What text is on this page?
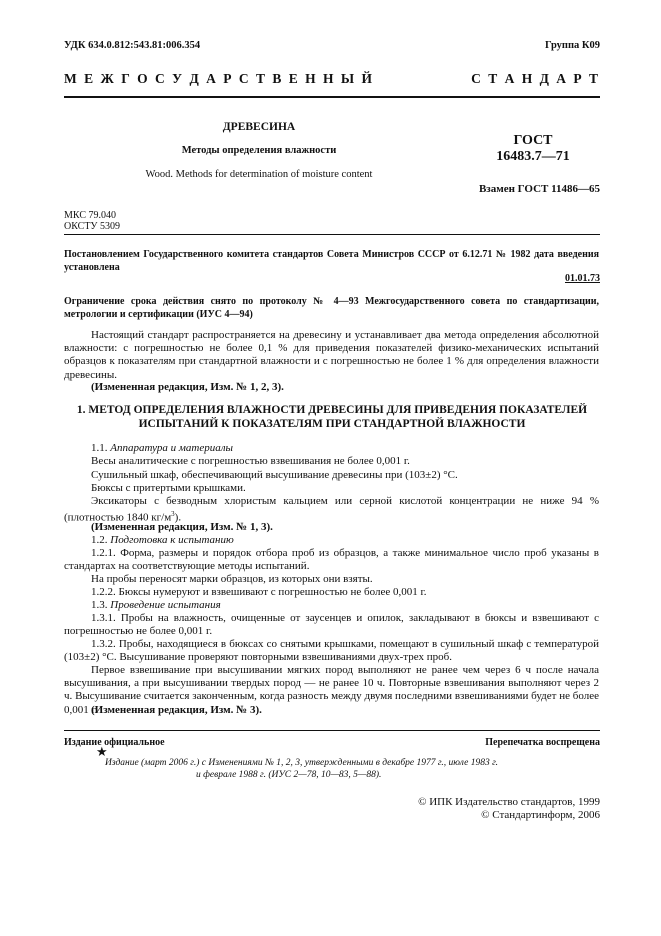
УДК 634.0.812:543.81:006.354	Группа К09
М Е Ж Г О С У Д А Р С Т В Е Н Н Ы Й	С Т А Н Д А Р Т
ДРЕВЕСИНА
Методы определения влажности
Wood. Methods for determination of moisture content
ГОСТ
16483.7—71
Взамен ГОСТ 11486—65
МКС 79.040
ОКСТУ 5309

Постановлением Государственного комитета стандартов Совета Министров СССР от 6.12.71 № 1982 дата введения установлена

01.01.73

Ограничение срока действия снято по протоколу № 4—93 Межгосударственного совета по стандартизации, метрологии и сертификации (ИУС 4—94)

Настоящий стандарт распространяется на древесину и устанавливает два метода определения абсолютной влажности: с погрешностью не более 0,1 % для приведения показателей физико-механических испытаний образцов к показателям при стандартной влажности и с погрешностью не более 1 % для определения влажности древесины.

(Измененная редакция, Изм. № 1, 2, 3).

1. МЕТОД ОПРЕДЕЛЕНИЯ ВЛАЖНОСТИ ДРЕВЕСИНЫ ДЛЯ ПРИВЕДЕНИЯ ПОКАЗАТЕЛЕЙ ИСПЫТАНИЙ К ПОКАЗАТЕЛЯМ ПРИ СТАНДАРТНОЙ ВЛАЖНОСТИ

1.1. Аппаратура и материалы

Весы аналитические с погрешностью взвешивания не более 0,001 г.

Сушильный шкаф, обеспечивающий высушивание древесины при (103±2) °С.

Бюксы с притертыми крышками.

Эксикаторы с безводным хлористым кальцием или серной кислотой концентрации не ниже 94 % (плотностью 1840 $кг/м^3$).

(Измененная редакция, Изм. № 1, 3).

1.2. Подготовка к испытанию

1.2.1. Форма, размеры и порядок отбора проб из образцов, а также минимальное число проб указаны в стандартах на соответствующие методы испытаний.

На пробы переносят марки образцов, из которых они взяты.

1.2.2. Бюксы нумеруют и взвешивают с погрешностью не более 0,001 г.

1.3. Проведение испытания

1.3.1. Пробы на влажность, очищенные от заусенцев и опилок, закладывают в бюксы и взвешивают с погрешностью не более 0,001 г.

1.3.2. Пробы, находящиеся в бюксах со снятыми крышками, помещают в сушильный шкаф с температурой (103±2) °С. Высушивание проверяют повторными взвешиваниями двух-трех проб.

Первое взвешивание при высушивании мягких пород выполняют не ранее чем через 6 ч после начала высушивания, а при высушивании твердых пород — не ранее 10 ч. Повторные взвешивания выполняют через 2 ч. Высушивание считается законченным, когда разность между двумя последними взвешиваниями будет не более 0,001 г.

(Измененная редакция, Изм. № 3).

Издание официальное	Перепечатка воспрещена
★
Издание (март 2006 г.) с Изменениями № 1, 2, 3, утвержденными в декабре 1977 г., июле 1983 г.
и феврале 1988 г. (ИУС 2—78, 10—83, 5—88).
© ИПК Издательство стандартов, 1999
© Стандартинформ, 2006
